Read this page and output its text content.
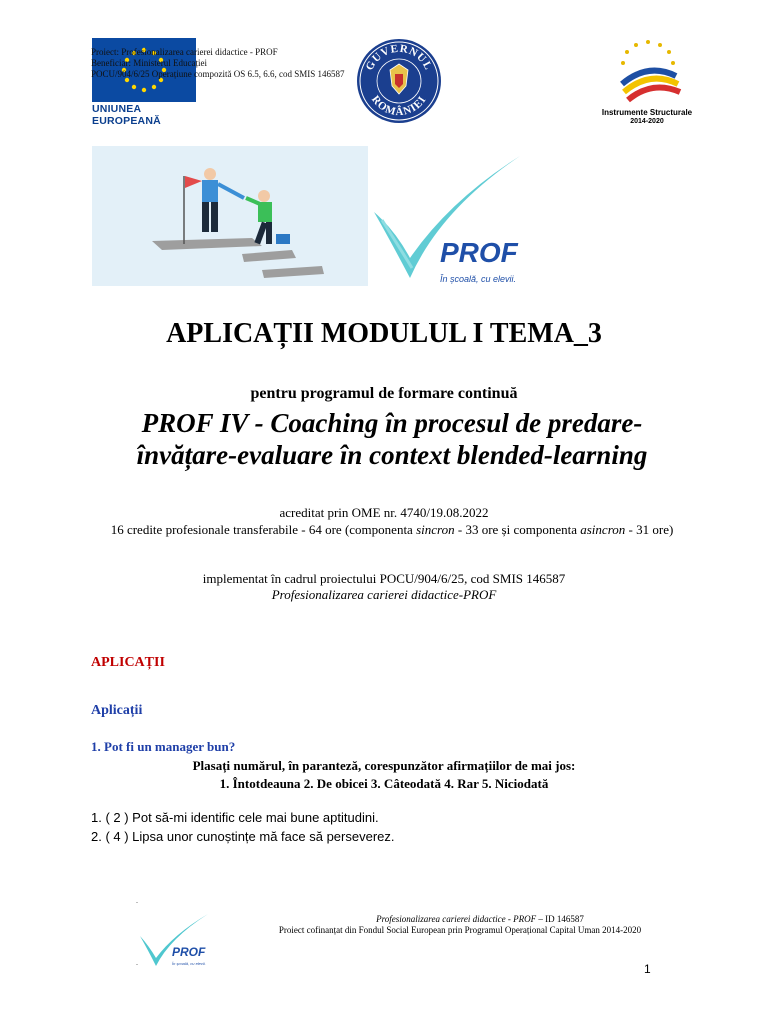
UNIUNEA EUROPEANĂ
Proiect: Profesionalizarea carierei didactice - PROF
Beneficiar: Ministerul Educației
POCU/904/6/25 Operațiune compozită OS 6.5, 6.6, cod SMIS 146587
GUVERNUL
ROMÂNIEI
Instrumente Structurale
2014-2020
PROF
În școală, cu elevii.
APLICAȚII MODULUL I TEMA_3
pentru programul de formare continuă
PROF IV - Coaching în procesul de predare-
învățare-evaluare în context blended-learning
acreditat prin OME nr. 4740/19.08.2022
16 credite profesionale transferabile - 64 ore (componenta sincron - 33 ore și componenta asincron - 31 ore)
implementat în cadrul proiectului POCU/904/6/25, cod SMIS 146587
Profesionalizarea carierei didactice-PROF
APLICAȚII
Aplicații
1. Pot fi un manager bun?
Plasați numărul, în paranteză, corespunzător afirmațiilor de mai jos:
1. Întotdeauna 2. De obicei 3. Câteodată 4. Rar 5. Niciodată
1. ( 2 ) Pot să-mi identific cele mai bune aptitudini.
2. ( 4 ) Lipsa unor cunoștințe mă face să perseverez.
.
.
PROF
În școală, cu elevii.
Profesionalizarea carierei didactice - PROF – ID 146587
Proiect cofinanțat din Fondul Social European prin Programul Operațional Capital Uman 2014-2020
1
